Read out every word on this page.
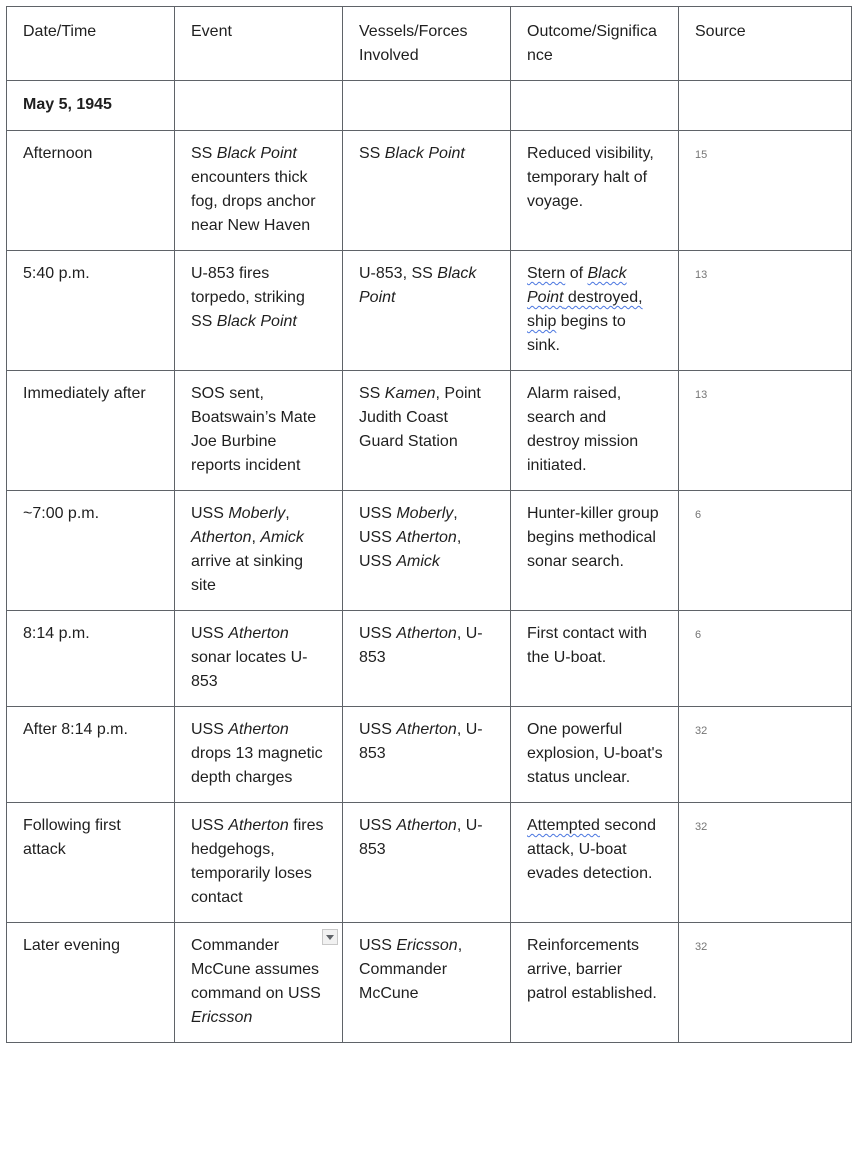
Date/Time	Event	Vessels/Forces Involved	Outcome/Significance	Source
May 5, 1945				
Afternoon	SS Black Point encounters thick fog, drops anchor near New Haven	SS Black Point	Reduced visibility, temporary halt of voyage.	15
5:40 p.m.	U-853 fires torpedo, striking SS Black Point	U-853, SS Black Point	Stern of Black Point destroyed, ship begins to sink.	13
Immediately after	SOS sent, Boatswain’s Mate Joe Burbine reports incident	SS Kamen, Point Judith Coast Guard Station	Alarm raised, search and destroy mission initiated.	13
~7:00 p.m.	USS Moberly, Atherton, Amick arrive at sinking site	USS Moberly, USS Atherton, USS Amick	Hunter-killer group begins methodical sonar search.	6
8:14 p.m.	USS Atherton sonar locates U-853	USS Atherton, U-853	First contact with the U-boat.	6
After 8:14 p.m.	USS Atherton drops 13 magnetic depth charges	USS Atherton, U-853	One powerful explosion, U-boat's status unclear.	32
Following first attack	USS Atherton fires hedgehogs, temporarily loses contact	USS Atherton, U-853	Attempted second attack, U-boat evades detection.	32
Later evening	Commander McCune assumes command on USS Ericsson	USS Ericsson, Commander McCune	Reinforcements arrive, barrier patrol established.	32
